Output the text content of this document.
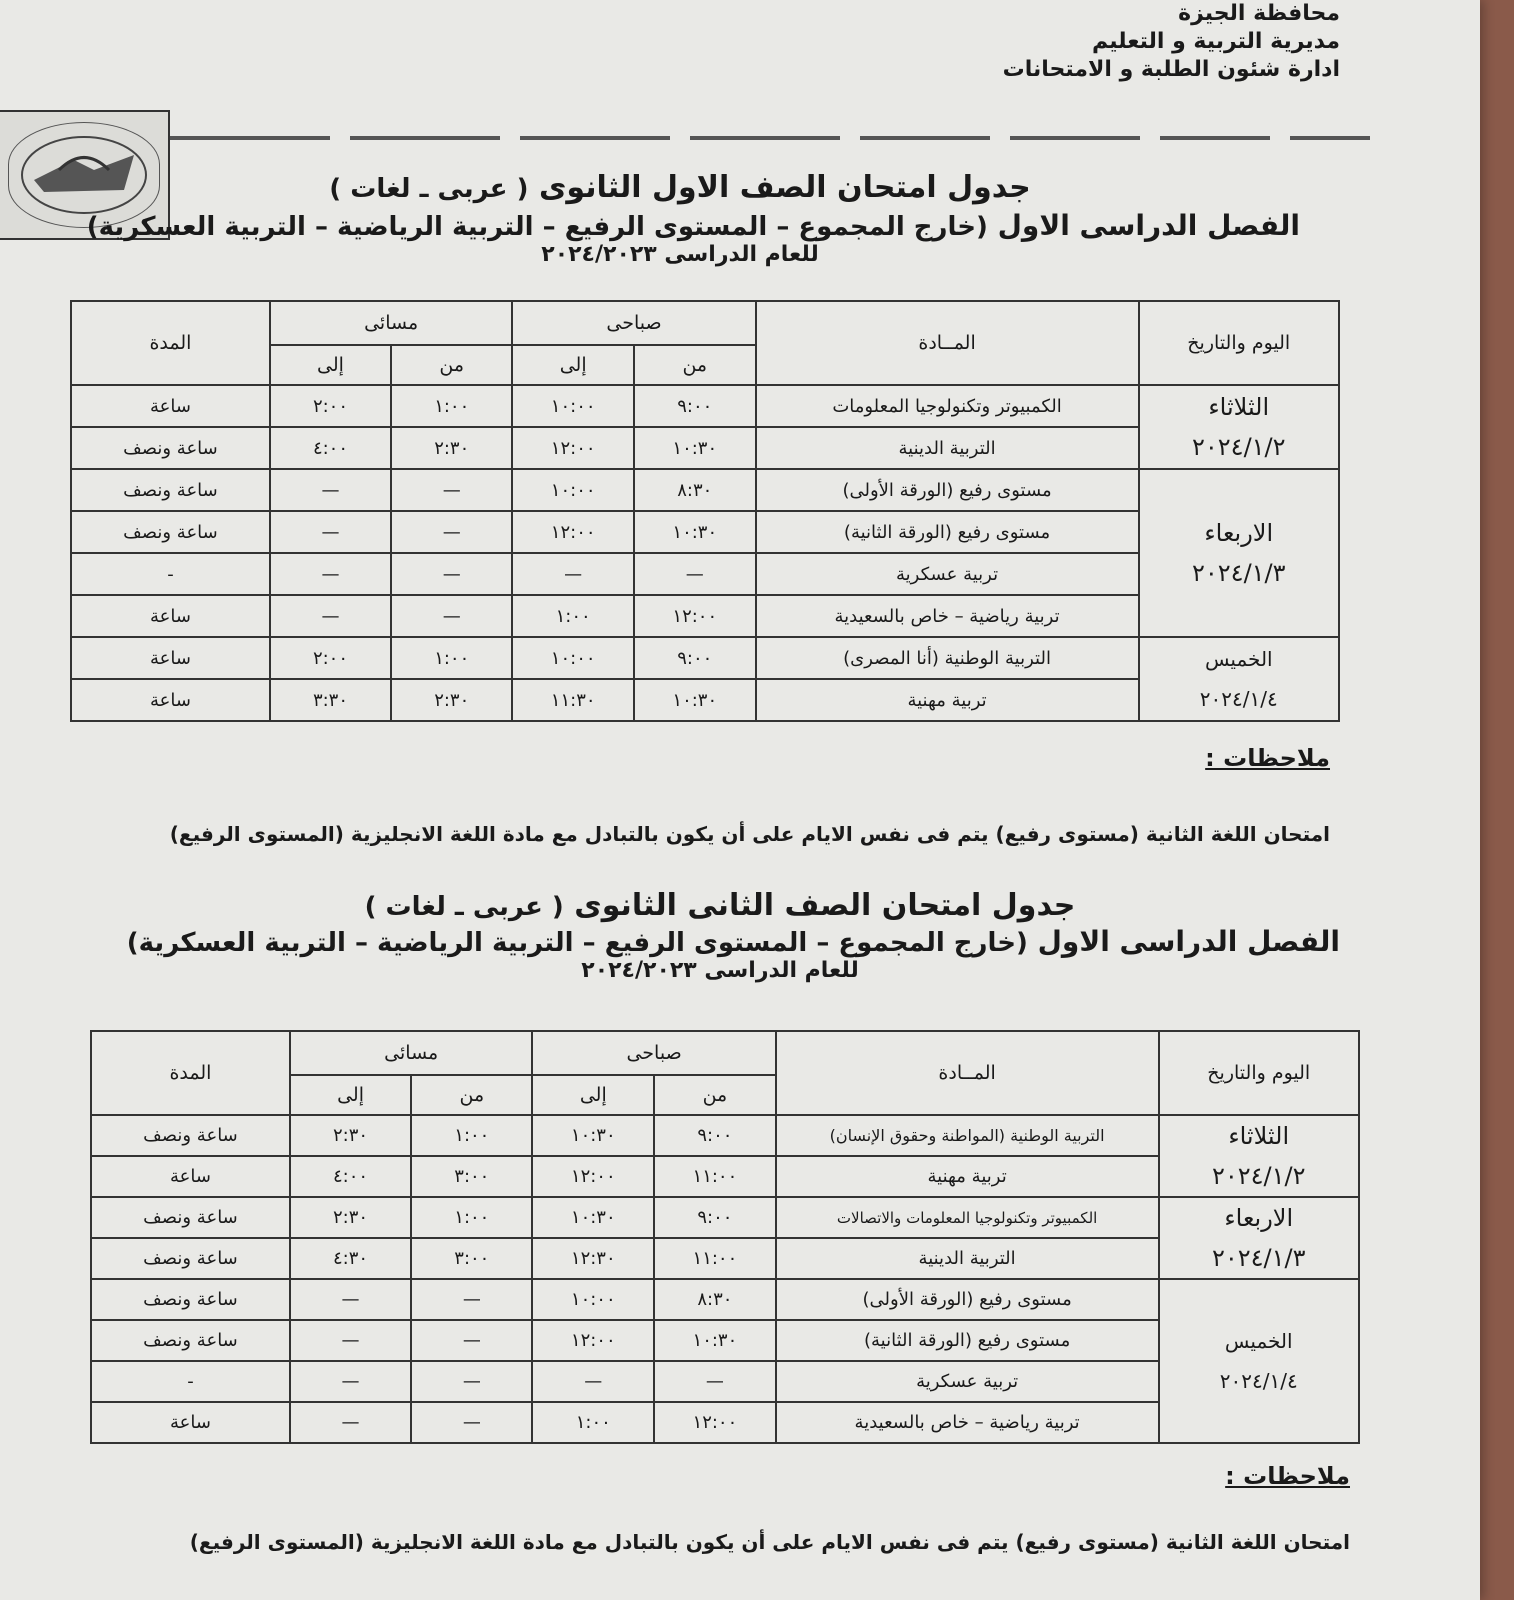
محافظة الجيزة
مديرية التربية و التعليم
ادارة شئون الطلبة و الامتحانات

جدول امتحان الصف الاول الثانوى ( عربى ـ لغات )

الفصل الدراسى الاول (خارج المجموع – المستوى الرفيع – التربية الرياضية – التربية العسكرية)

للعام الدراسى ٢٠٢٤/٢٠٢٣

اليوم والتاريخ	المــادة	صباحى		مسائى		المدة
		من	إلى	من	إلى	

الثلاثاء
٢٠٢٤/١/٢	الكمبيوتر وتكنولوجيا المعلومات	٩:٠٠	١٠:٠٠	١:٠٠	٢:٠٠	ساعة
	التربية الدينية	١٠:٣٠	١٢:٠٠	٢:٣٠	٤:٠٠	ساعة ونصف

الاربعاء
٢٠٢٤/١/٣	مستوى رفيع (الورقة الأولى)	٨:٣٠	١٠:٠٠	—	—	ساعة ونصف
	مستوى رفيع (الورقة الثانية)	١٠:٣٠	١٢:٠٠	—	—	ساعة ونصف
	تربية عسكرية	—	—	—	—	-
	تربية رياضية – خاص بالسعيدية	١٢:٠٠	١:٠٠	—	—	ساعة

الخميس
٢٠٢٤/١/٤	التربية الوطنية (أنا المصرى)	٩:٠٠	١٠:٠٠	١:٠٠	٢:٠٠	ساعة
	تربية مهنية	١٠:٣٠	١١:٣٠	٢:٣٠	٣:٣٠	ساعة
ملاحظات :
امتحان اللغة الثانية (مستوى رفيع) يتم فى نفس الايام على أن يكون بالتبادل مع مادة اللغة الانجليزية (المستوى الرفيع)

جدول امتحان الصف الثانى الثانوى ( عربى ـ لغات )

الفصل الدراسى الاول (خارج المجموع – المستوى الرفيع – التربية الرياضية – التربية العسكرية)

للعام الدراسى ٢٠٢٤/٢٠٢٣

اليوم والتاريخ	المــادة	صباحى		مسائى		المدة
		من	إلى	من	إلى	

الثلاثاء
٢٠٢٤/١/٢	التربية الوطنية (المواطنة وحقوق الإنسان)	٩:٠٠	١٠:٣٠	١:٠٠	٢:٣٠	ساعة ونصف
	تربية مهنية	١١:٠٠	١٢:٠٠	٣:٠٠	٤:٠٠	ساعة

الاربعاء
٢٠٢٤/١/٣	الكمبيوتر وتكنولوجيا المعلومات والاتصالات	٩:٠٠	١٠:٣٠	١:٠٠	٢:٣٠	ساعة ونصف
	التربية الدينية	١١:٠٠	١٢:٣٠	٣:٠٠	٤:٣٠	ساعة ونصف

الخميس
٢٠٢٤/١/٤	مستوى رفيع (الورقة الأولى)	٨:٣٠	١٠:٠٠	—	—	ساعة ونصف
	مستوى رفيع (الورقة الثانية)	١٠:٣٠	١٢:٠٠	—	—	ساعة ونصف
	تربية عسكرية	—	—	—	—	-
	تربية رياضية – خاص بالسعيدية	١٢:٠٠	١:٠٠	—	—	ساعة
ملاحظات :
امتحان اللغة الثانية (مستوى رفيع) يتم فى نفس الايام على أن يكون بالتبادل مع مادة اللغة الانجليزية (المستوى الرفيع)
